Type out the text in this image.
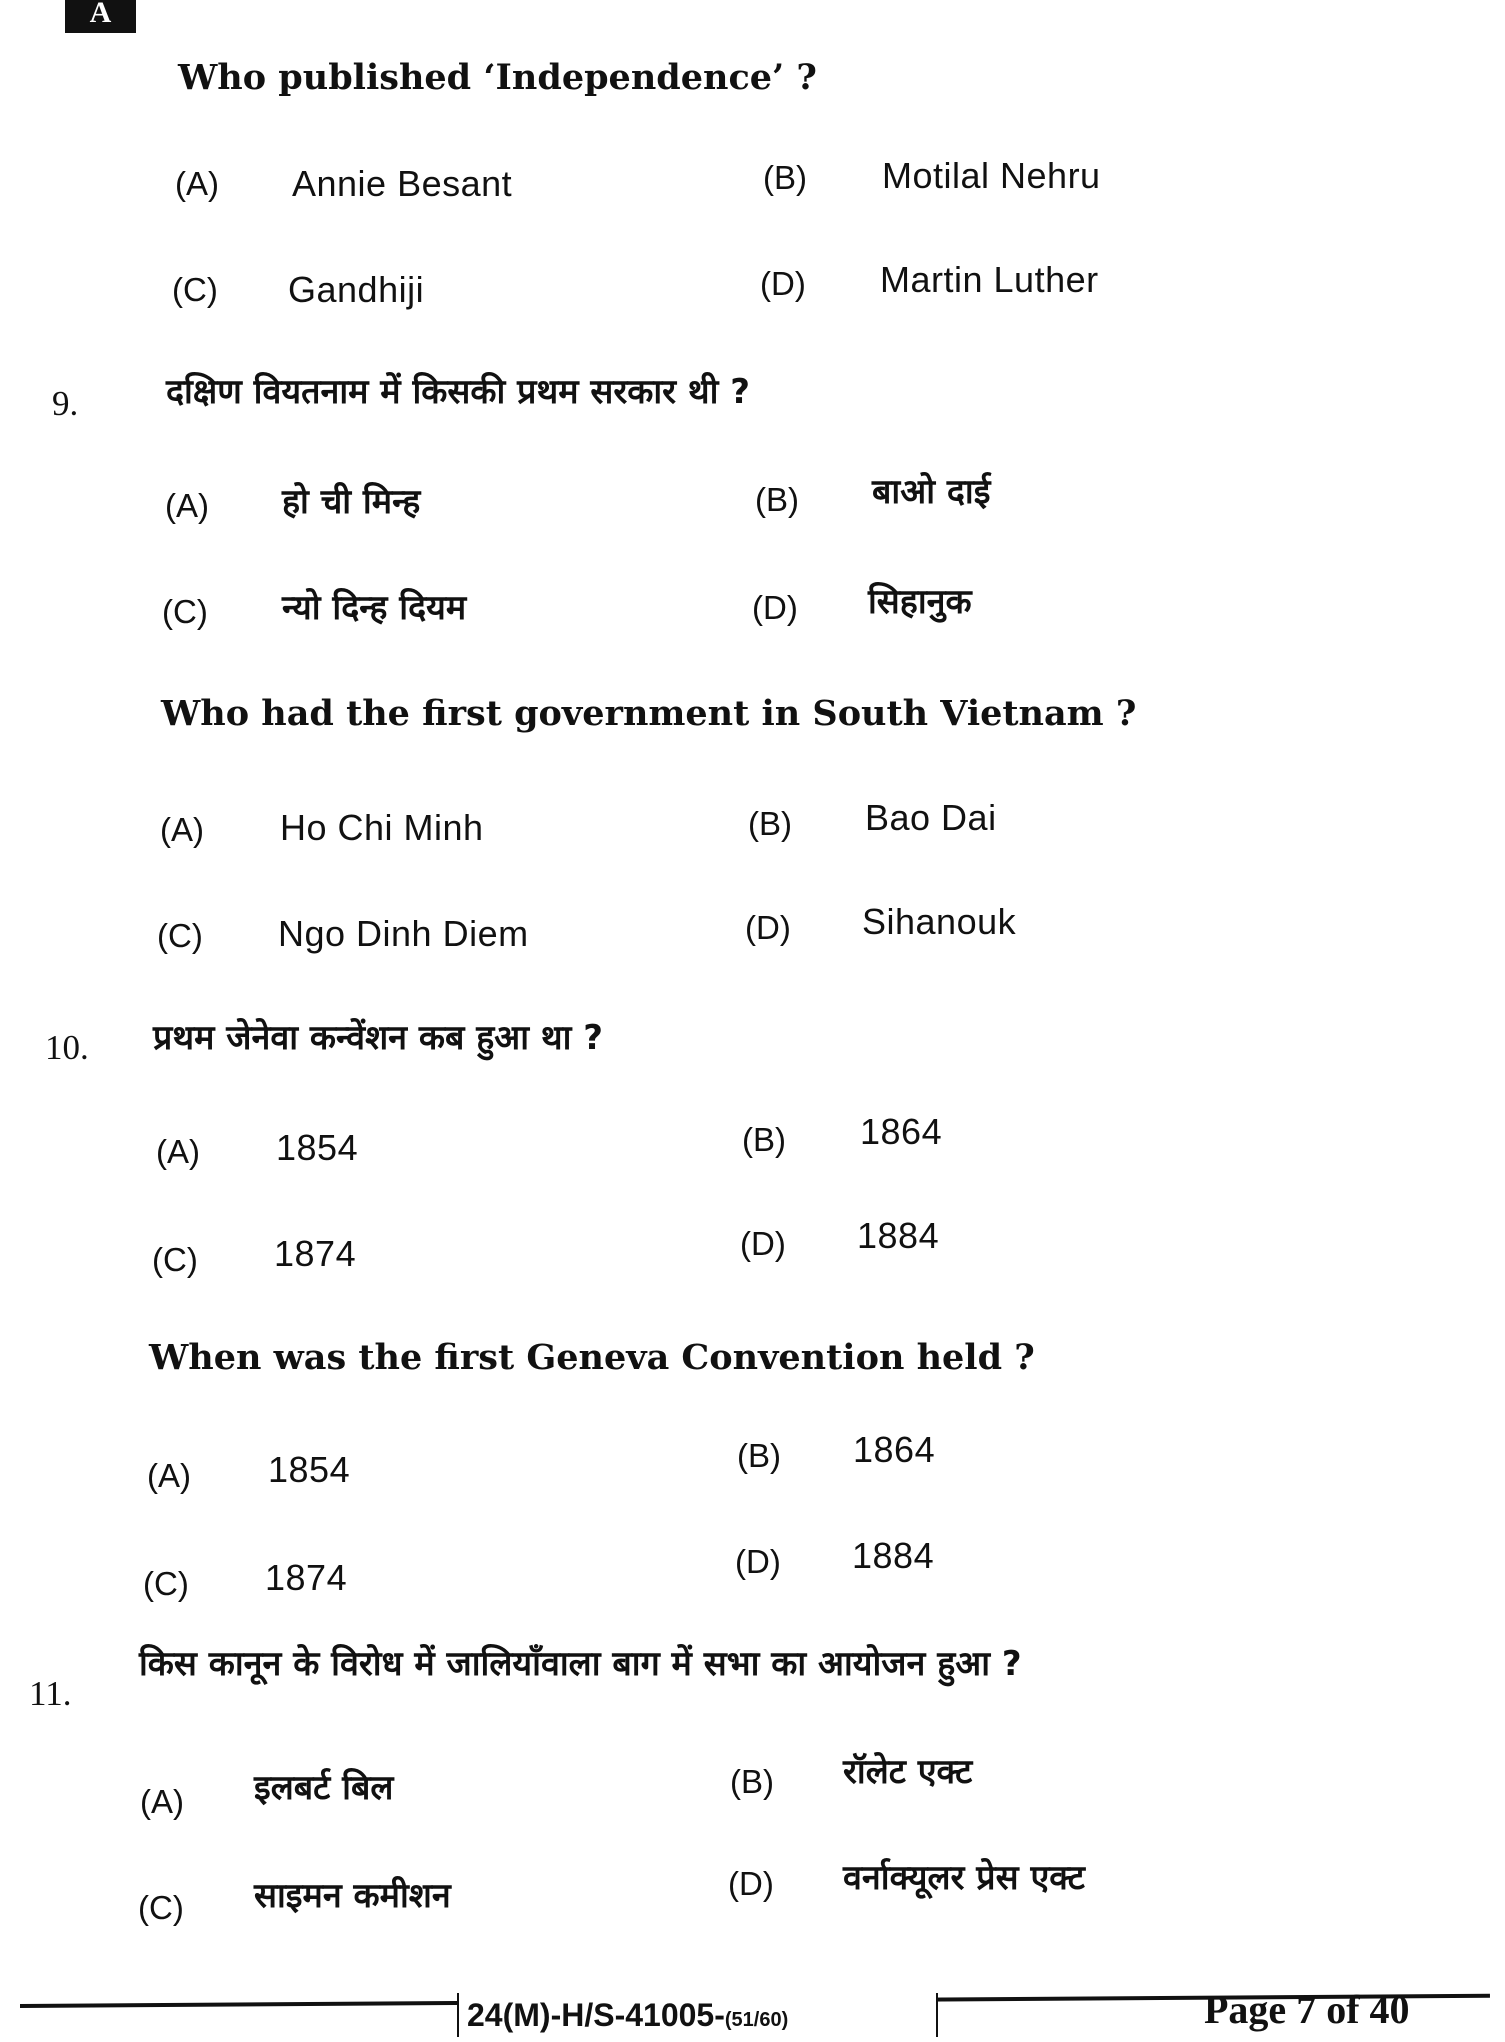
A
Who published ‘Independence’ ?
(A) Annie Besant	(B) Motilal Nehru
(C) Gandhiji	(D) Martin Luther
9.	दक्षिण वियतनाम में किसकी प्रथम सरकार थी ?
(A) हो ची मिन्ह	(B) बाओ दाई
(C) न्यो दिन्ह दियम	(D) सिहानुक
Who had the first government in South Vietnam ?
(A) Ho Chi Minh	(B) Bao Dai
(C) Ngo Dinh Diem	(D) Sihanouk
10. प्रथम जेनेवा कन्वेंशन कब हुआ था ?
(A) 1854	(B) 1864
(C) 1874	(D) 1884
When was the first Geneva Convention held ?
(A) 1854	(B) 1864
(C) 1874	(D) 1884
11.
किस कानून के विरोध में जालियाँवाला बाग में सभा का आयोजन हुआ ?
(A) इलबर्ट बिल	(B) रॉलेट एक्ट
(C) साइमन कमीशन	(D) वर्नाक्यूलर प्रेस एक्ट
24(M)-H/S-41005-(51/60)	Page 7 of 40
